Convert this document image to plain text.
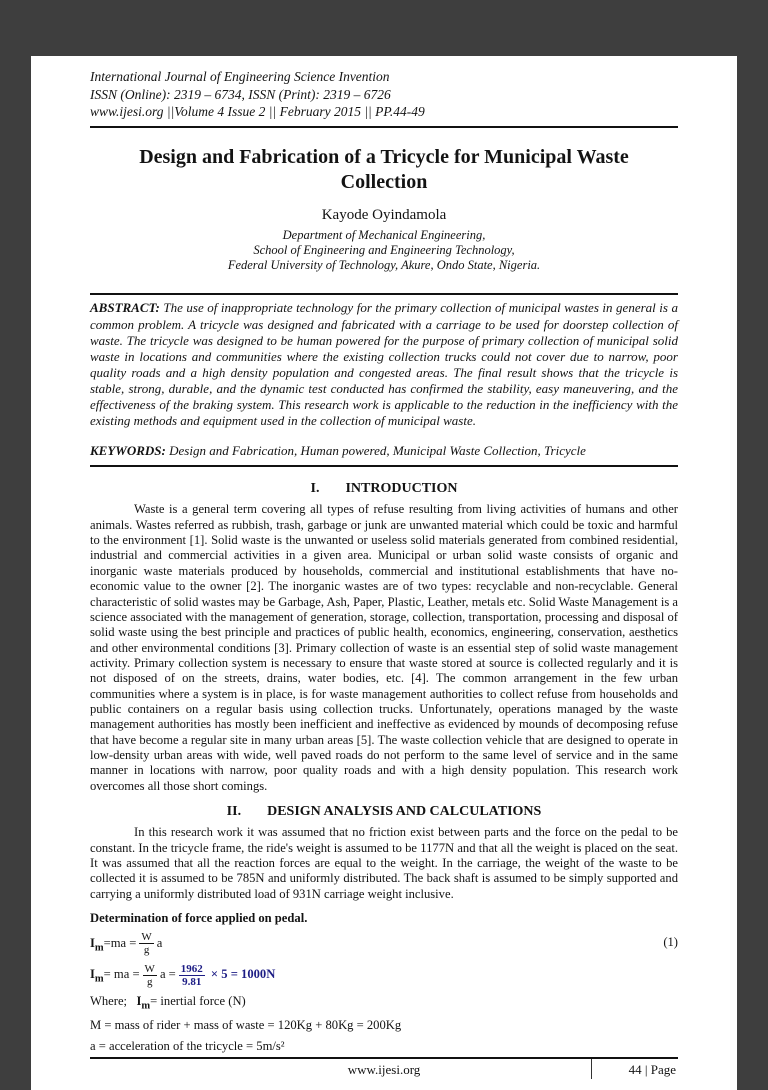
International Journal of Engineering Science Invention
ISSN (Online): 2319 – 6734, ISSN (Print): 2319 – 6726
www.ijesi.org ||Volume 4 Issue 2 || February 2015 || PP.44-49
Design and Fabrication of a Tricycle for Municipal Waste Collection
Kayode Oyindamola
Department of Mechanical Engineering,
School of Engineering and Engineering Technology,
Federal University of Technology, Akure, Ondo State, Nigeria.

ABSTRACT: The use of inappropriate technology for the primary collection of municipal wastes in general is a common problem. A tricycle was designed and fabricated with a carriage to be used for doorstep collection of waste. The tricycle was designed to be human powered for the purpose of primary collection of municipal solid waste in locations and communities where the existing collection trucks could not cover due to narrow, poor quality roads and a high density population and congested areas. The final result shows that the tricycle is stable, strong, durable, and the dynamic test conducted has confirmed the stability, easy maneuvering, and the effectiveness of the braking system. This research work is applicable to the reduction in the inefficiency with the existing methods and equipment used in the collection of municipal waste.

KEYWORDS: Design and Fabrication, Human powered, Municipal Waste Collection, Tricycle

I. INTRODUCTION

Waste is a general term covering all types of refuse resulting from living activities of humans and other animals. Wastes referred as rubbish, trash, garbage or junk are unwanted material which could be toxic and harmful to the environment [1]. Solid waste is the unwanted or useless solid materials generated from combined residential, industrial and commercial activities in a given area. Municipal or urban solid waste consists of organic and inorganic waste materials produced by households, commercial and institutional establishments that have no-economic value to the owner [2]. The inorganic wastes are of two types: recyclable and non-recyclable. General characteristic of solid wastes may be Garbage, Ash, Paper, Plastic, Leather, metals etc. Solid Waste Management is a science associated with the management of generation, storage, collection, transportation, processing and disposal of solid waste using the best principle and practices of public health, economics, engineering, conservation, aesthetics and other environmental conditions [3]. Primary collection of waste is an essential step of solid waste management activity. Primary collection system is necessary to ensure that waste stored at source is collected regularly and it is not disposed of on the streets, drains, water bodies, etc. [4]. The common arrangement in the few urban communities where a system is in place, is for waste management authorities to collect refuse from households and public containers on a regular basis using collection trucks. Unfortunately, operations managed by the waste management authorities has mostly been inefficient and ineffective as evidenced by mounds of decomposing refuse that have become a regular site in many urban areas [5]. The waste collection vehicle that are designed to operate in low-density urban areas with wide, well paved roads do not perform to the same level of service and in the same manner in locations with narrow, poor quality roads and with a high density population. This research work overcomes all those short comings.

II. DESIGN ANALYSIS AND CALCULATIONS

In this research work it was assumed that no friction exist between parts and the force on the pedal to be constant. In the tricycle frame, the ride's weight is assumed to be 1177N and that all the weight is placed on the seat. It was assumed that all the reaction forces are equal to the weight. In the carriage, the weight of the waste to be collected it is assumed to be 785N and uniformly distributed. The back shaft is assumed to be simply supported and carrying a uniformly distributed load of 931N carriage weight inclusive.

Determination of force applied on pedal.

$I_m=ma = \frac{W}{g}$ a	(1)
$I_m=$ ma = $\frac{W}{g}$ $a = \frac{1962}{9.81} \times 5 = 1000N$
Where;   $I_m=$ inertial force (N)
M = mass of rider + mass of waste = 120Kg + 80Kg = 200Kg
a = acceleration of the tricycle = 5m/s²
www.ijesi.org	44 | Page
